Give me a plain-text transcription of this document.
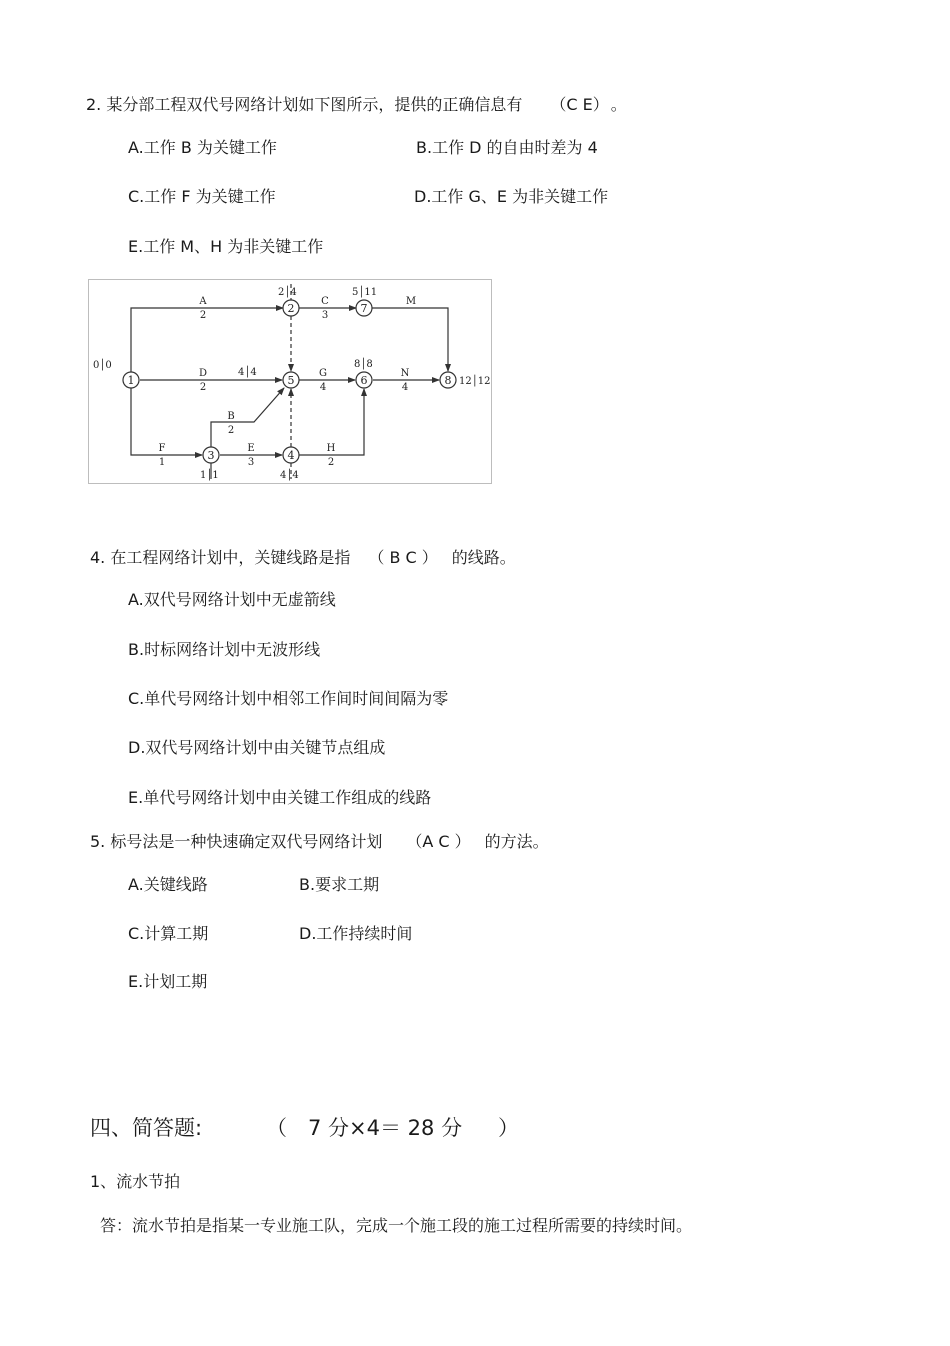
2. 某分部工程双代号网络计划如下图所示，提供的正确信息有 （C E） 。
A.工作 B 为关键工作	B.工作 D 的自由时差为 4
C.工作 F 为关键工作	D.工作 G、E 为非关键工作
E.工作 M、H 为非关键工作
1
2
3	4
5	6
7
8
0│0
2│4
1│1	4│4
4│4
8│8
5│11
12│12
A
2
C
3
M
D
2
G
4
N
4
B
2
F
1
E
3
H
2
4. 在工程网络计划中，关键线路是指 （ B C ） 的线路。
A.双代号网络计划中无虚箭线
B.时标网络计划中无波形线
C.单代号网络计划中相邻工作间时间间隔为零
D.双代号网络计划中由关键节点组成
E.单代号网络计划中由关键工作组成的线路
5. 标号法是一种快速确定双代号网络计划 （A C ） 的方法。
A.关键线路	B.要求工期
C.计算工期	D.工作持续时间
E.计划工期

四、简答题:

	（

7 分×4＝ 28 分

）

1、流水节拍
答：流水节拍是指某一专业施工队，完成一个施工段的施工过程所需要的持续时间。
